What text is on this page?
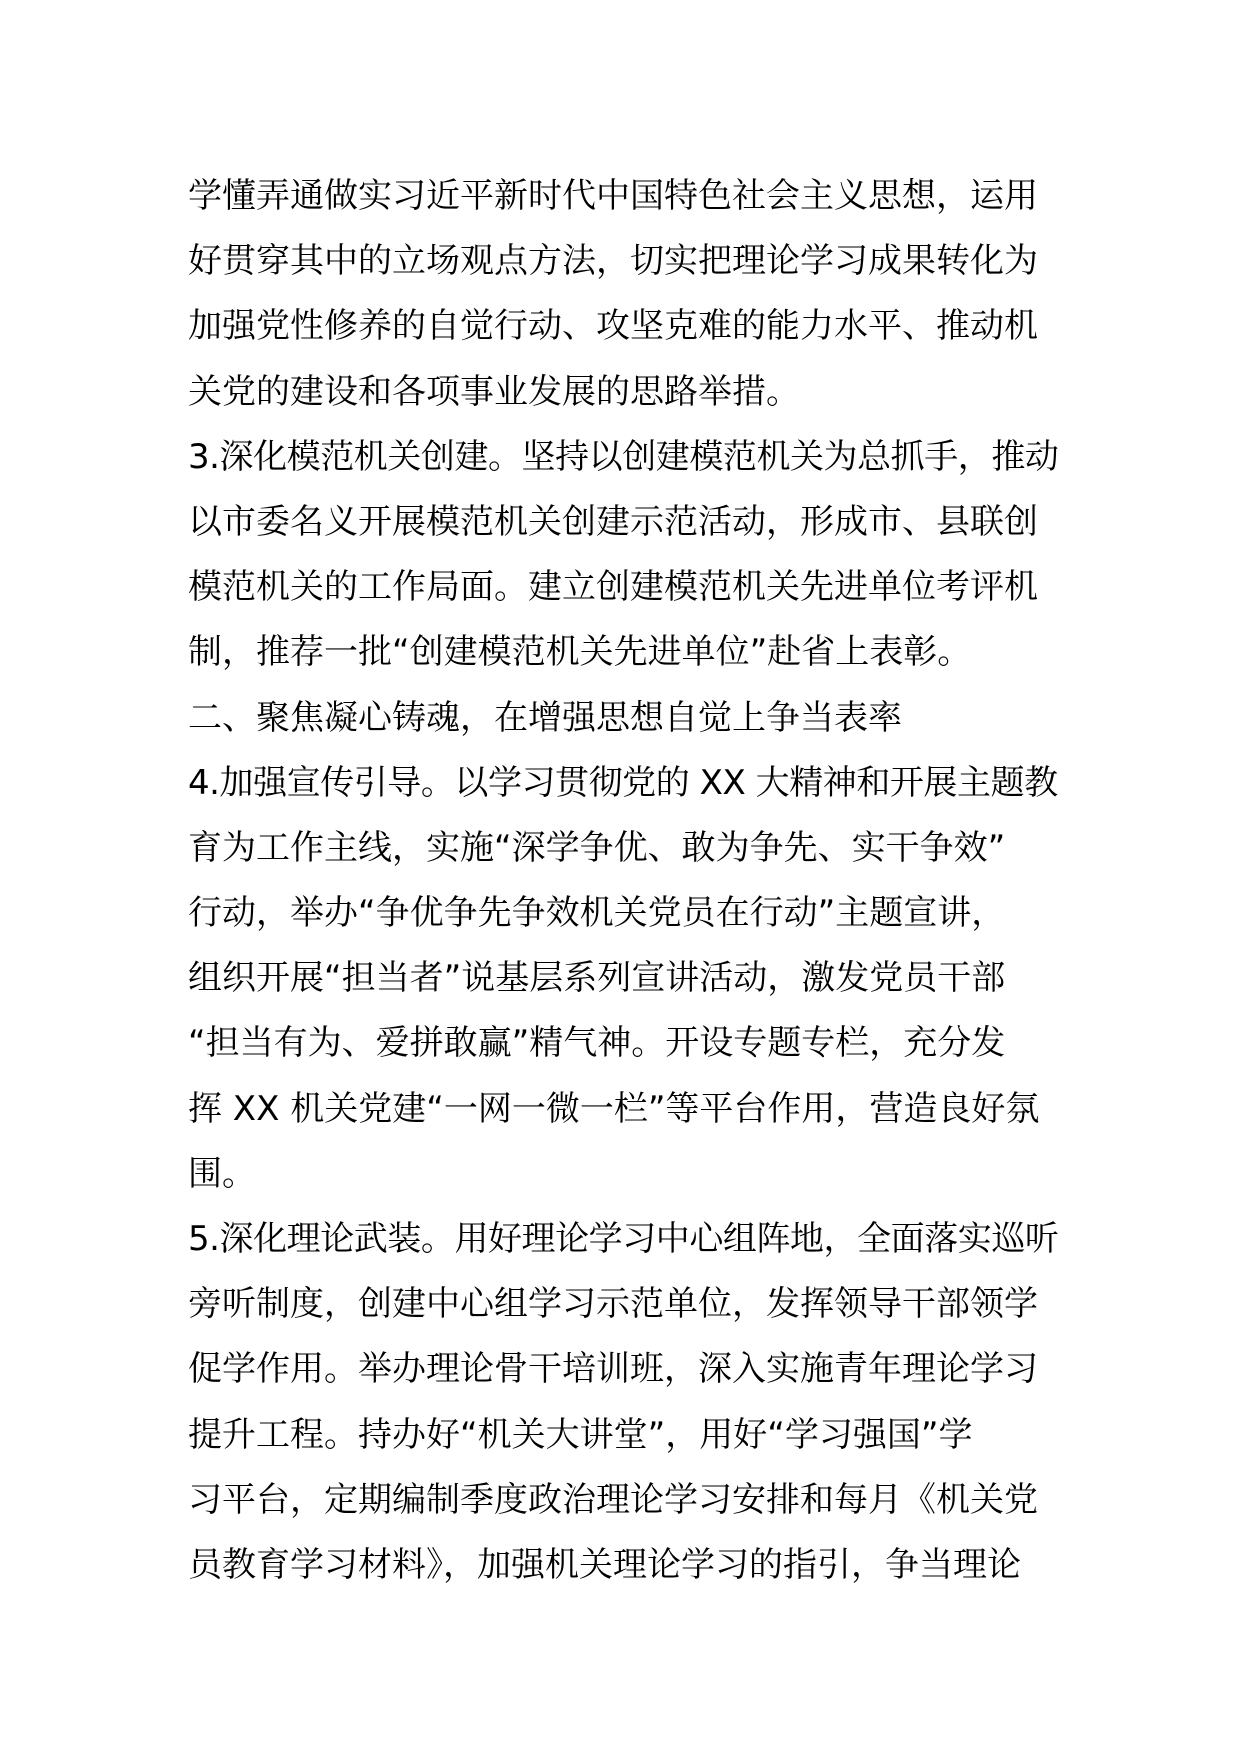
学懂弄通做实习近平新时代中国特色社会主义思想，运用
好贯穿其中的立场观点方法，切实把理论学习成果转化为
加强党性修养的自觉行动、攻坚克难的能力水平、推动机
关党的建设和各项事业发展的思路举措。
3.深化模范机关创建。坚持以创建模范机关为总抓手，推动
以市委名义开展模范机关创建示范活动，形成市、县联创
模范机关的工作局面。建立创建模范机关先进单位考评机
制，推荐一批“创建模范机关先进单位”赴省上表彰。
二、聚焦凝心铸魂，在增强思想自觉上争当表率
4.加强宣传引导。以学习贯彻党的 XX 大精神和开展主题教
育为工作主线，实施“深学争优、敢为争先、实干争效”
行动，举办“争优争先争效机关党员在行动”主题宣讲，
组织开展“担当者”说基层系列宣讲活动，激发党员干部
“担当有为、爱拼敢赢”精气神。开设专题专栏，充分发
挥 XX 机关党建“一网一微一栏”等平台作用，营造良好氛
围。
5.深化理论武装。用好理论学习中心组阵地，全面落实巡听
旁听制度，创建中心组学习示范单位，发挥领导干部领学
促学作用。举办理论骨干培训班，深入实施青年理论学习
提升工程。持办好“机关大讲堂”，用好“学习强国”学
习平台，定期编制季度政治理论学习安排和每月《机关党
员教育学习材料》，加强机关理论学习的指引，争当理论
